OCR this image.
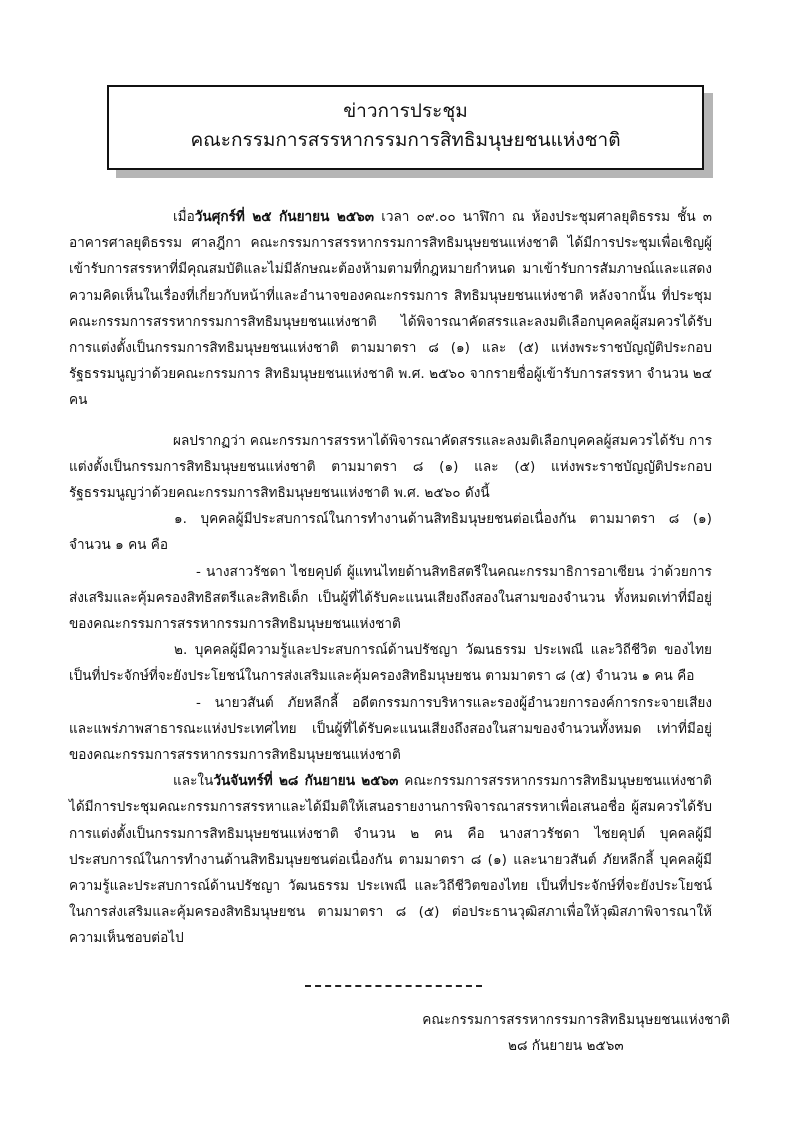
ข่าวการประชุม
คณะกรรมการสรรหากรรมการสิทธิมนุษยชนแห่งชาติ

เมื่อวันศุกร์ที่ ๒๕ กันยายน ๒๕๖๓ เวลา ๐๙.๐๐ นาฬิกา ณ ห้องประชุมศาลยุติธรรม ชั้น ๓ อาคารศาลยุติธรรม ศาลฎีกา คณะกรรมการสรรหากรรมการสิทธิมนุษยชนแห่งชาติ ได้มีการประชุมเพื่อเชิญผู้เข้ารับการสรรหาที่มีคุณสมบัติและไม่มีลักษณะต้องห้ามตามที่กฎหมายกำหนด มาเข้ารับการสัมภาษณ์และแสดงความคิดเห็นในเรื่องที่เกี่ยวกับหน้าที่และอำนาจของคณะกรรมการ สิทธิมนุษยชนแห่งชาติ หลังจากนั้น ที่ประชุมคณะกรรมการสรรหากรรมการสิทธิมนุษยชนแห่งชาติ ได้พิจารณาคัดสรรและลงมติเลือกบุคคลผู้สมควรได้รับการแต่งตั้งเป็นกรรมการสิทธิมนุษยชนแห่งชาติ ตามมาตรา ๘ (๑) และ (๕) แห่งพระราชบัญญัติประกอบรัฐธรรมนูญว่าด้วยคณะกรรมการ สิทธิมนุษยชนแห่งชาติ พ.ศ. ๒๕๖๐ จากรายชื่อผู้เข้ารับการสรรหา จำนวน ๒๔ คน

ผลปรากฏว่า คณะกรรมการสรรหาได้พิจารณาคัดสรรและลงมติเลือกบุคคลผู้สมควรได้รับ การแต่งตั้งเป็นกรรมการสิทธิมนุษยชนแห่งชาติ ตามมาตรา ๘ (๑) และ (๕) แห่งพระราชบัญญัติประกอบ รัฐธรรมนูญว่าด้วยคณะกรรมการสิทธิมนุษยชนแห่งชาติ พ.ศ. ๒๕๖๐ ดังนี้

๑. บุคคลผู้มีประสบการณ์ในการทำงานด้านสิทธิมนุษยชนต่อเนื่องกัน ตามมาตรา ๘ (๑) จำนวน ๑ คน คือ

- นางสาวรัชดา ไชยคุปต์ ผู้แทนไทยด้านสิทธิสตรีในคณะกรรมาธิการอาเซียน ว่าด้วยการส่งเสริมและคุ้มครองสิทธิสตรีและสิทธิเด็ก เป็นผู้ที่ได้รับคะแนนเสียงถึงสองในสามของจำนวน ทั้งหมดเท่าที่มีอยู่ของคณะกรรมการสรรหากรรมการสิทธิมนุษยชนแห่งชาติ

๒. บุคคลผู้มีความรู้และประสบการณ์ด้านปรัชญา วัฒนธรรม ประเพณี และวิถีชีวิต ของไทยเป็นที่ประจักษ์ที่จะยังประโยชน์ในการส่งเสริมและคุ้มครองสิทธิมนุษยชน ตามมาตรา ๘ (๕) จำนวน ๑ คน คือ

- นายวสันต์ ภัยหลีกลี้ อดีตกรรมการบริหารและรองผู้อำนวยการองค์การกระจายเสียง และแพร่ภาพสาธารณะแห่งประเทศไทย เป็นผู้ที่ได้รับคะแนนเสียงถึงสองในสามของจำนวนทั้งหมด เท่าที่มีอยู่ของคณะกรรมการสรรหากรรมการสิทธิมนุษยชนแห่งชาติ

และในวันจันทร์ที่ ๒๘ กันยายน ๒๕๖๓ คณะกรรมการสรรหากรรมการสิทธิมนุษยชนแห่งชาติ ได้มีการประชุมคณะกรรมการสรรหาและได้มีมติให้เสนอรายงานการพิจารณาสรรหาเพื่อเสนอชื่อ ผู้สมควรได้รับการแต่งตั้งเป็นกรรมการสิทธิมนุษยชนแห่งชาติ จำนวน ๒ คน คือ นางสาวรัชดา ไชยคุปต์ บุคคลผู้มีประสบการณ์ในการทำงานด้านสิทธิมนุษยชนต่อเนื่องกัน ตามมาตรา ๘ (๑) และนายวสันต์ ภัยหลีกลี้ บุคคลผู้มีความรู้และประสบการณ์ด้านปรัชญา วัฒนธรรม ประเพณี และวิถีชีวิตของไทย เป็นที่ประจักษ์ที่จะยังประโยชน์ในการส่งเสริมและคุ้มครองสิทธิมนุษยชน ตามมาตรา ๘ (๕) ต่อประธานวุฒิสภาเพื่อให้วุฒิสภาพิจารณาให้ความเห็นชอบต่อไป

คณะกรรมการสรรหากรรมการสิทธิมนุษยชนแห่งชาติ
๒๘ กันยายน ๒๕๖๓
